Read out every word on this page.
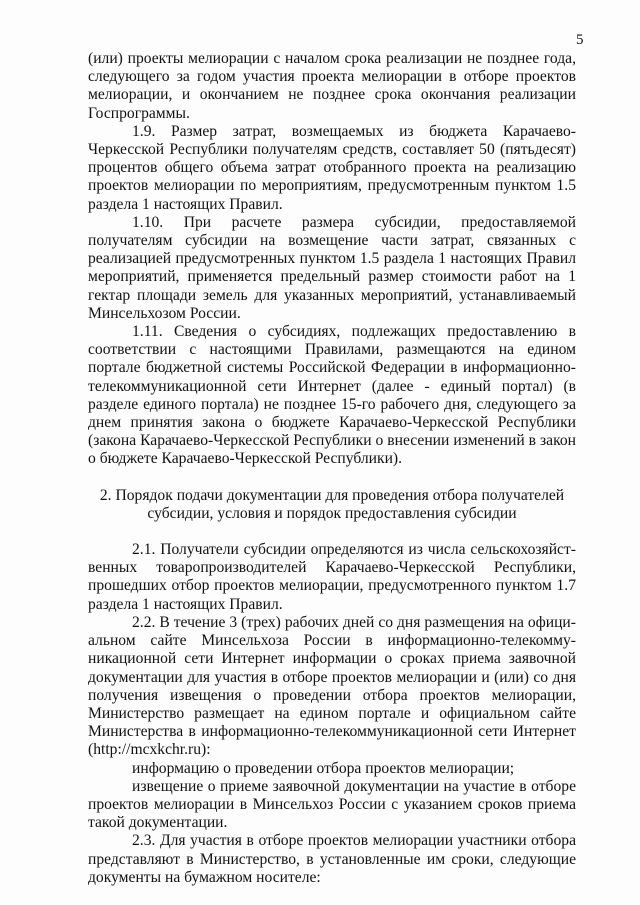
5

(или) проекты мелиорации с началом срока реализации не позднее года, следующего за годом участия проекта мелиорации в отборе проектов мелиорации, и окончанием не позднее срока окончания реализации Госпрограммы.

1.9. Размер затрат, возмещаемых из бюджета Карачаево-Черкесской Республики получателям средств, составляет 50 (пятьдесят) процентов общего объема затрат отобранного проекта на реализацию проектов мелиорации по мероприятиям, предусмотренным пунктом 1.5 раздела 1 настоящих Правил.

1.10. При расчете размера субсидии, предоставляемой получателям субсидии на возмещение части затрат, связанных с реализацией предусмотренных пунктом 1.5 раздела 1 настоящих Правил мероприятий, применяется предельный размер стоимости работ на 1 гектар площади земель для указанных мероприятий, устанавливаемый Минсельхозом России.

1.11. Сведения о субсидиях, подлежащих предоставлению в соответствии с настоящими Правилами, размещаются на едином портале бюджетной системы Российской Федерации в информационно-телекоммуникационной сети Интернет (далее - единый портал) (в разделе единого портала) не позднее 15-го рабочего дня, следующего за днем принятия закона о бюджете Карачаево-Черкесской Республики (закона Карачаево-Черкесской Республики о внесении изменений в закон о бюджете Карачаево-Черкесской Республики).

2. Порядок подачи документации для проведения отбора получателей субсидии, условия и порядок предоставления субсидии

2.1. Получатели субсидии определяются из числа сельскохозяйственных товаропроизводителей Карачаево-Черкесской Республики, прошедших отбор проектов мелиорации, предусмотренного пунктом 1.7 раздела 1 настоящих Правил.

2.2. В течение 3 (трех) рабочих дней со дня размещения на официальном сайте Минсельхоза России в информационно-телекоммуникационной сети Интернет информации о сроках приема заявочной документации для участия в отборе проектов мелиорации и (или) со дня получения извещения о проведении отбора проектов мелиорации, Министерство размещает на едином портале и официальном сайте Министерства в информационно-телекоммуникационной сети Интернет (http://mcxkchr.ru):

информацию о проведении отбора проектов мелиорации;

извещение о приеме заявочной документации на участие в отборе проектов мелиорации в Минсельхоз России с указанием сроков приема такой документации.

2.3. Для участия в отборе проектов мелиорации участники отбора представляют в Министерство, в установленные им сроки, следующие документы на бумажном носителе:
